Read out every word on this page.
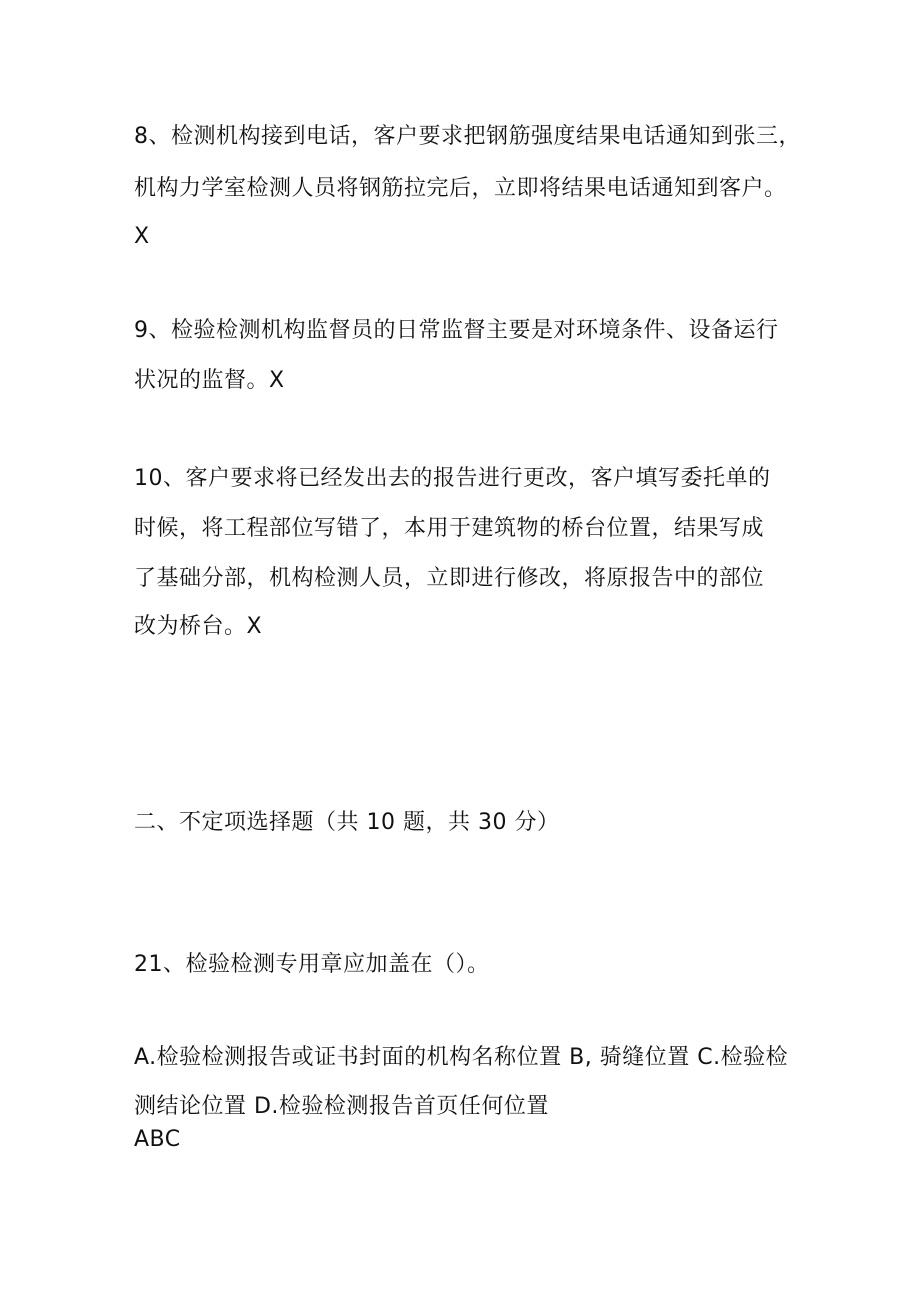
8、检测机构接到电话，客户要求把钢筋强度结果电话通知到张三，
机构力学室检测人员将钢筋拉完后，立即将结果电话通知到客户。
X
9、检验检测机构监督员的日常监督主要是对环境条件、设备运行
状况的监督。X
10、客户要求将已经发出去的报告进行更改，客户填写委托单的
时候，将工程部位写错了，本用于建筑物的桥台位置，结果写成
了基础分部，机构检测人员，立即进行修改，将原报告中的部位
改为桥台。X
二、不定项选择题（共 10 题，共 30 分）
21、检验检测专用章应加盖在（）。
A.检验检测报告或证书封面的机构名称位置 B, 骑缝位置 C.检验检
测结论位置 D.检验检测报告首页任何位置
ABC
